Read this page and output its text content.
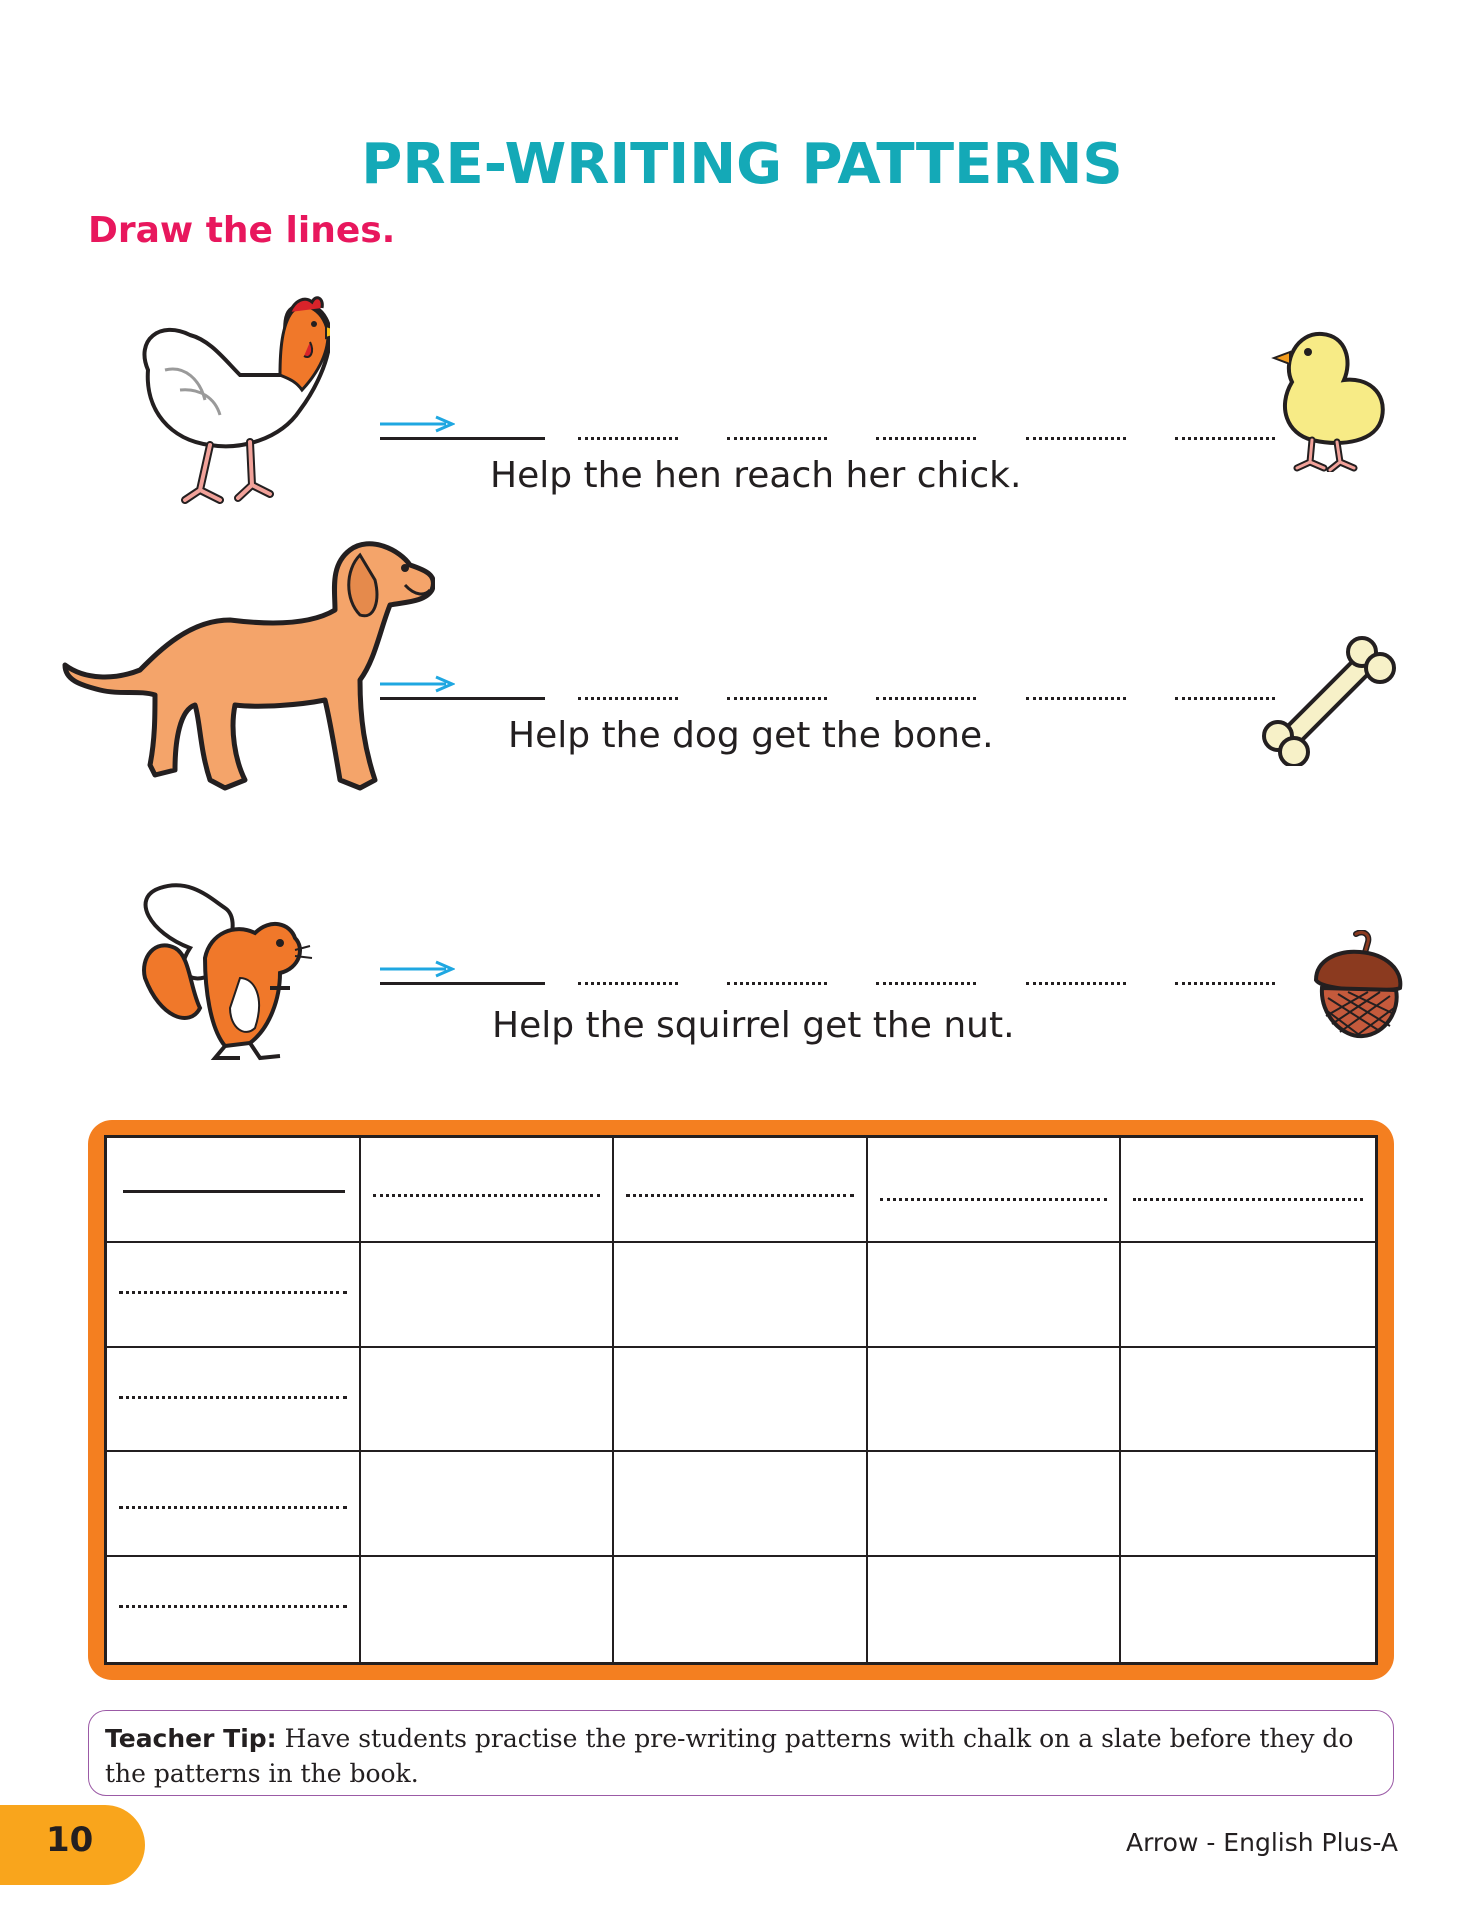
PRE-WRITING PATTERNS
Draw the lines.
Help the hen reach her chick.
Help the dog get the bone.
Help the squirrel get the nut.
Teacher Tip: Have students practise the pre-writing patterns with chalk on a slate before they do the patterns in the book.
10	Arrow - English Plus-A
